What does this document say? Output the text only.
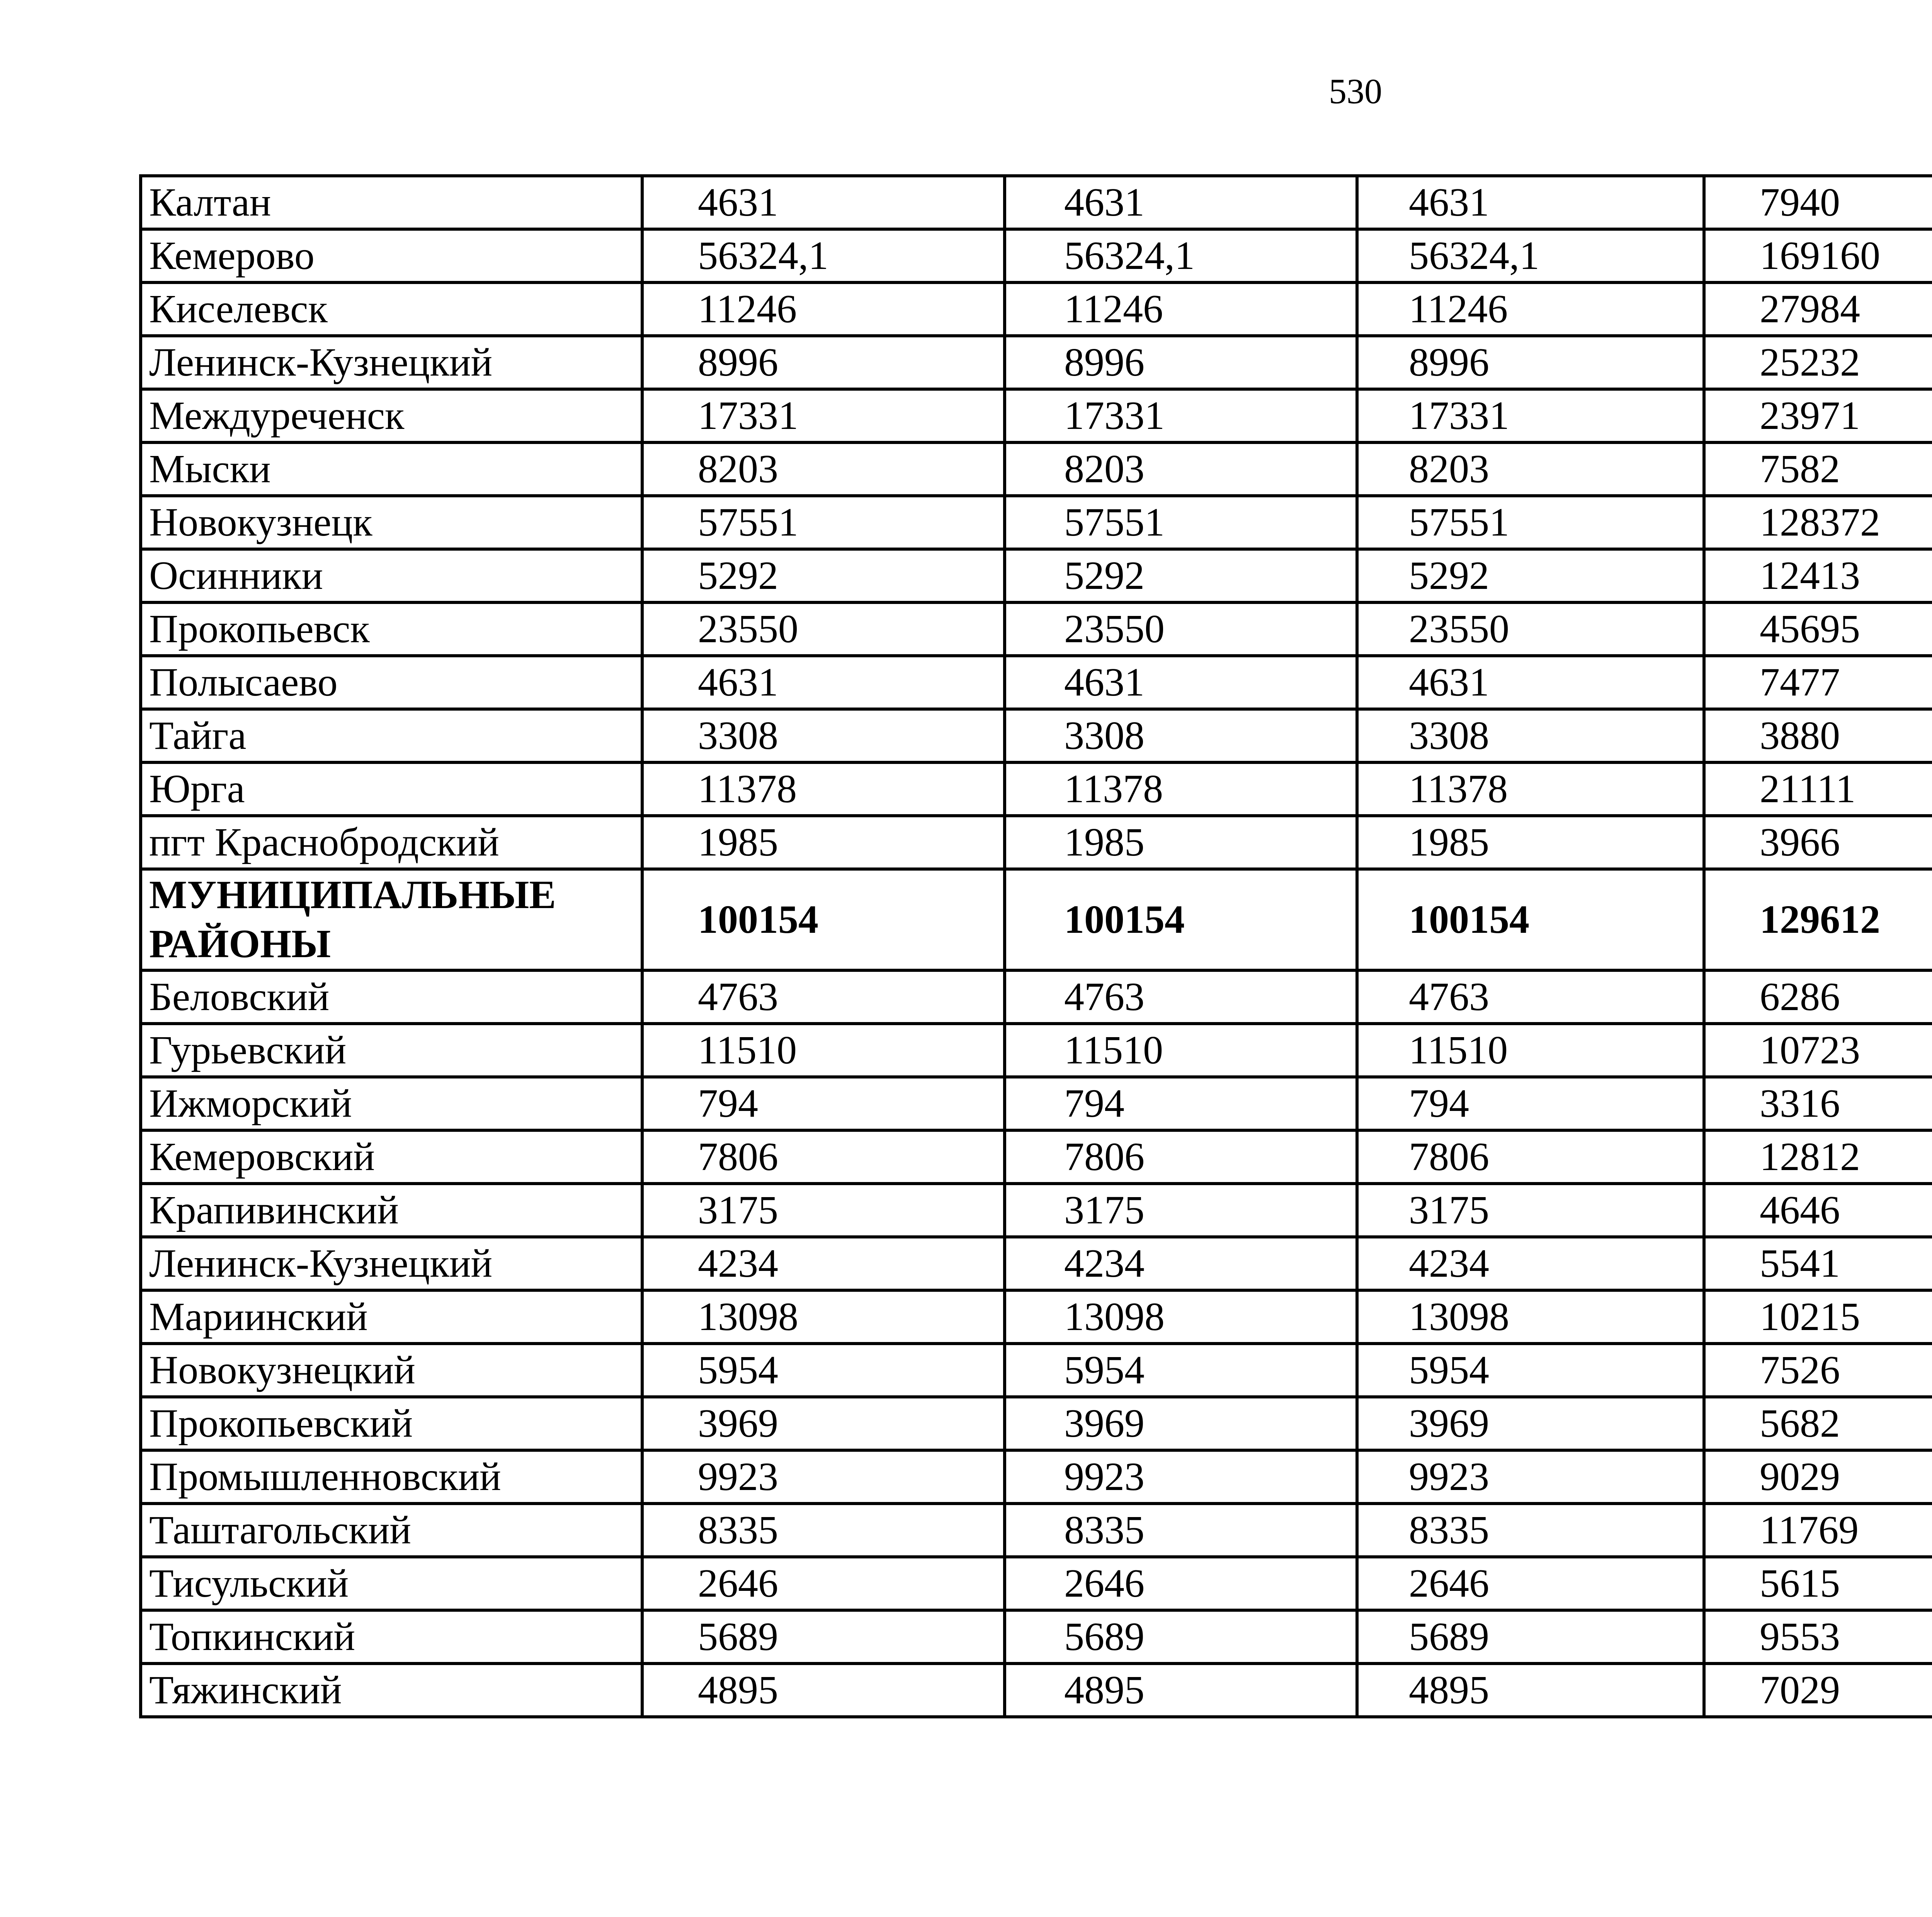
530
Калтан	4631	4631	4631	7940		
Кемерово	56324,1	56324,1	56324,1	169160		
Киселевск	11246	11246	11246	27984		
Ленинск-Кузнецкий	8996	8996	8996	25232		
Междуреченск	17331	17331	17331	23971		
Мыски	8203	8203	8203	7582		
Новокузнецк	57551	57551	57551	128372		
Осинники	5292	5292	5292	12413		
Прокопьевск	23550	23550	23550	45695		
Полысаево	4631	4631	4631	7477		
Тайга	3308	3308	3308	3880		
Юрга	11378	11378	11378	21111		
пгт Краснобродский	1985	1985	1985	3966		
МУНИЦИПАЛЬНЫЕ РАЙОНЫ	100154	100154	100154	129612		
Беловский	4763	4763	4763	6286		
Гурьевский	11510	11510	11510	10723		
Ижморский	794	794	794	3316		
Кемеровский	7806	7806	7806	12812		
Крапивинский	3175	3175	3175	4646		
Ленинск-Кузнецкий	4234	4234	4234	5541		
Мариинский	13098	13098	13098	10215		
Новокузнецкий	5954	5954	5954	7526		
Прокопьевский	3969	3969	3969	5682		
Промышленновский	9923	9923	9923	9029		
Таштагольский	8335	8335	8335	11769		
Тисульский	2646	2646	2646	5615		
Топкинский	5689	5689	5689	9553		
Тяжинский	4895	4895	4895	7029		
